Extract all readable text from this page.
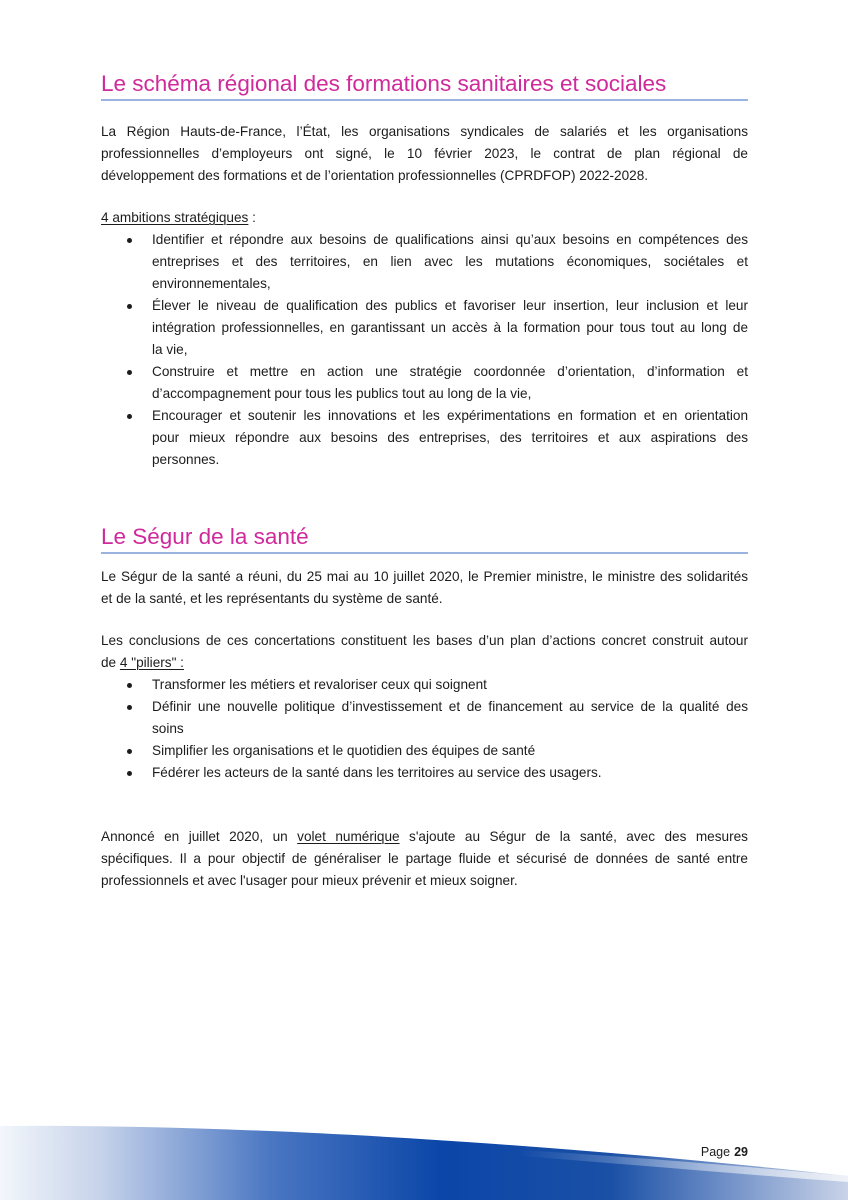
Le schéma régional des formations sanitaires et sociales
La Région Hauts-de-France, l’État, les organisations syndicales de salariés et les organisations
professionnelles d’employeurs ont signé, le 10 février 2023, le contrat de plan régional de
développement des formations et de l’orientation professionnelles (CPRDFOP) 2022-2028.
4 ambitions stratégiques :
Identifier et répondre aux besoins de qualifications ainsi qu’aux besoins en compétences des
entreprises et des territoires, en lien avec les mutations économiques, sociétales et
environnementales,
Élever le niveau de qualification des publics et favoriser leur insertion, leur inclusion et leur
intégration professionnelles, en garantissant un accès à la formation pour tous tout au long de
la vie,
Construire et mettre en action une stratégie coordonnée d’orientation, d’information et
d’accompagnement pour tous les publics tout au long de la vie,
Encourager et soutenir les innovations et les expérimentations en formation et en orientation
pour mieux répondre aux besoins des entreprises, des territoires et aux aspirations des
personnes.
Le Ségur de la santé
Le Ségur de la santé a réuni, du 25 mai au 10 juillet 2020, le Premier ministre, le ministre des solidarités
et de la santé, et les représentants du système de santé.
Les conclusions de ces concertations constituent les bases d’un plan d’actions concret construit autour
de 4 "piliers" :
Transformer les métiers et revaloriser ceux qui soignent
Définir une nouvelle politique d’investissement et de financement au service de la qualité des
soins
Simplifier les organisations et le quotidien des équipes de santé
Fédérer les acteurs de la santé dans les territoires au service des usagers.
Annoncé en juillet 2020, un volet numérique s'ajoute au Ségur de la santé, avec des mesures
spécifiques. Il a pour objectif de généraliser le partage fluide et sécurisé de données de santé entre
professionnels et avec l'usager pour mieux prévenir et mieux soigner.
Page 29
